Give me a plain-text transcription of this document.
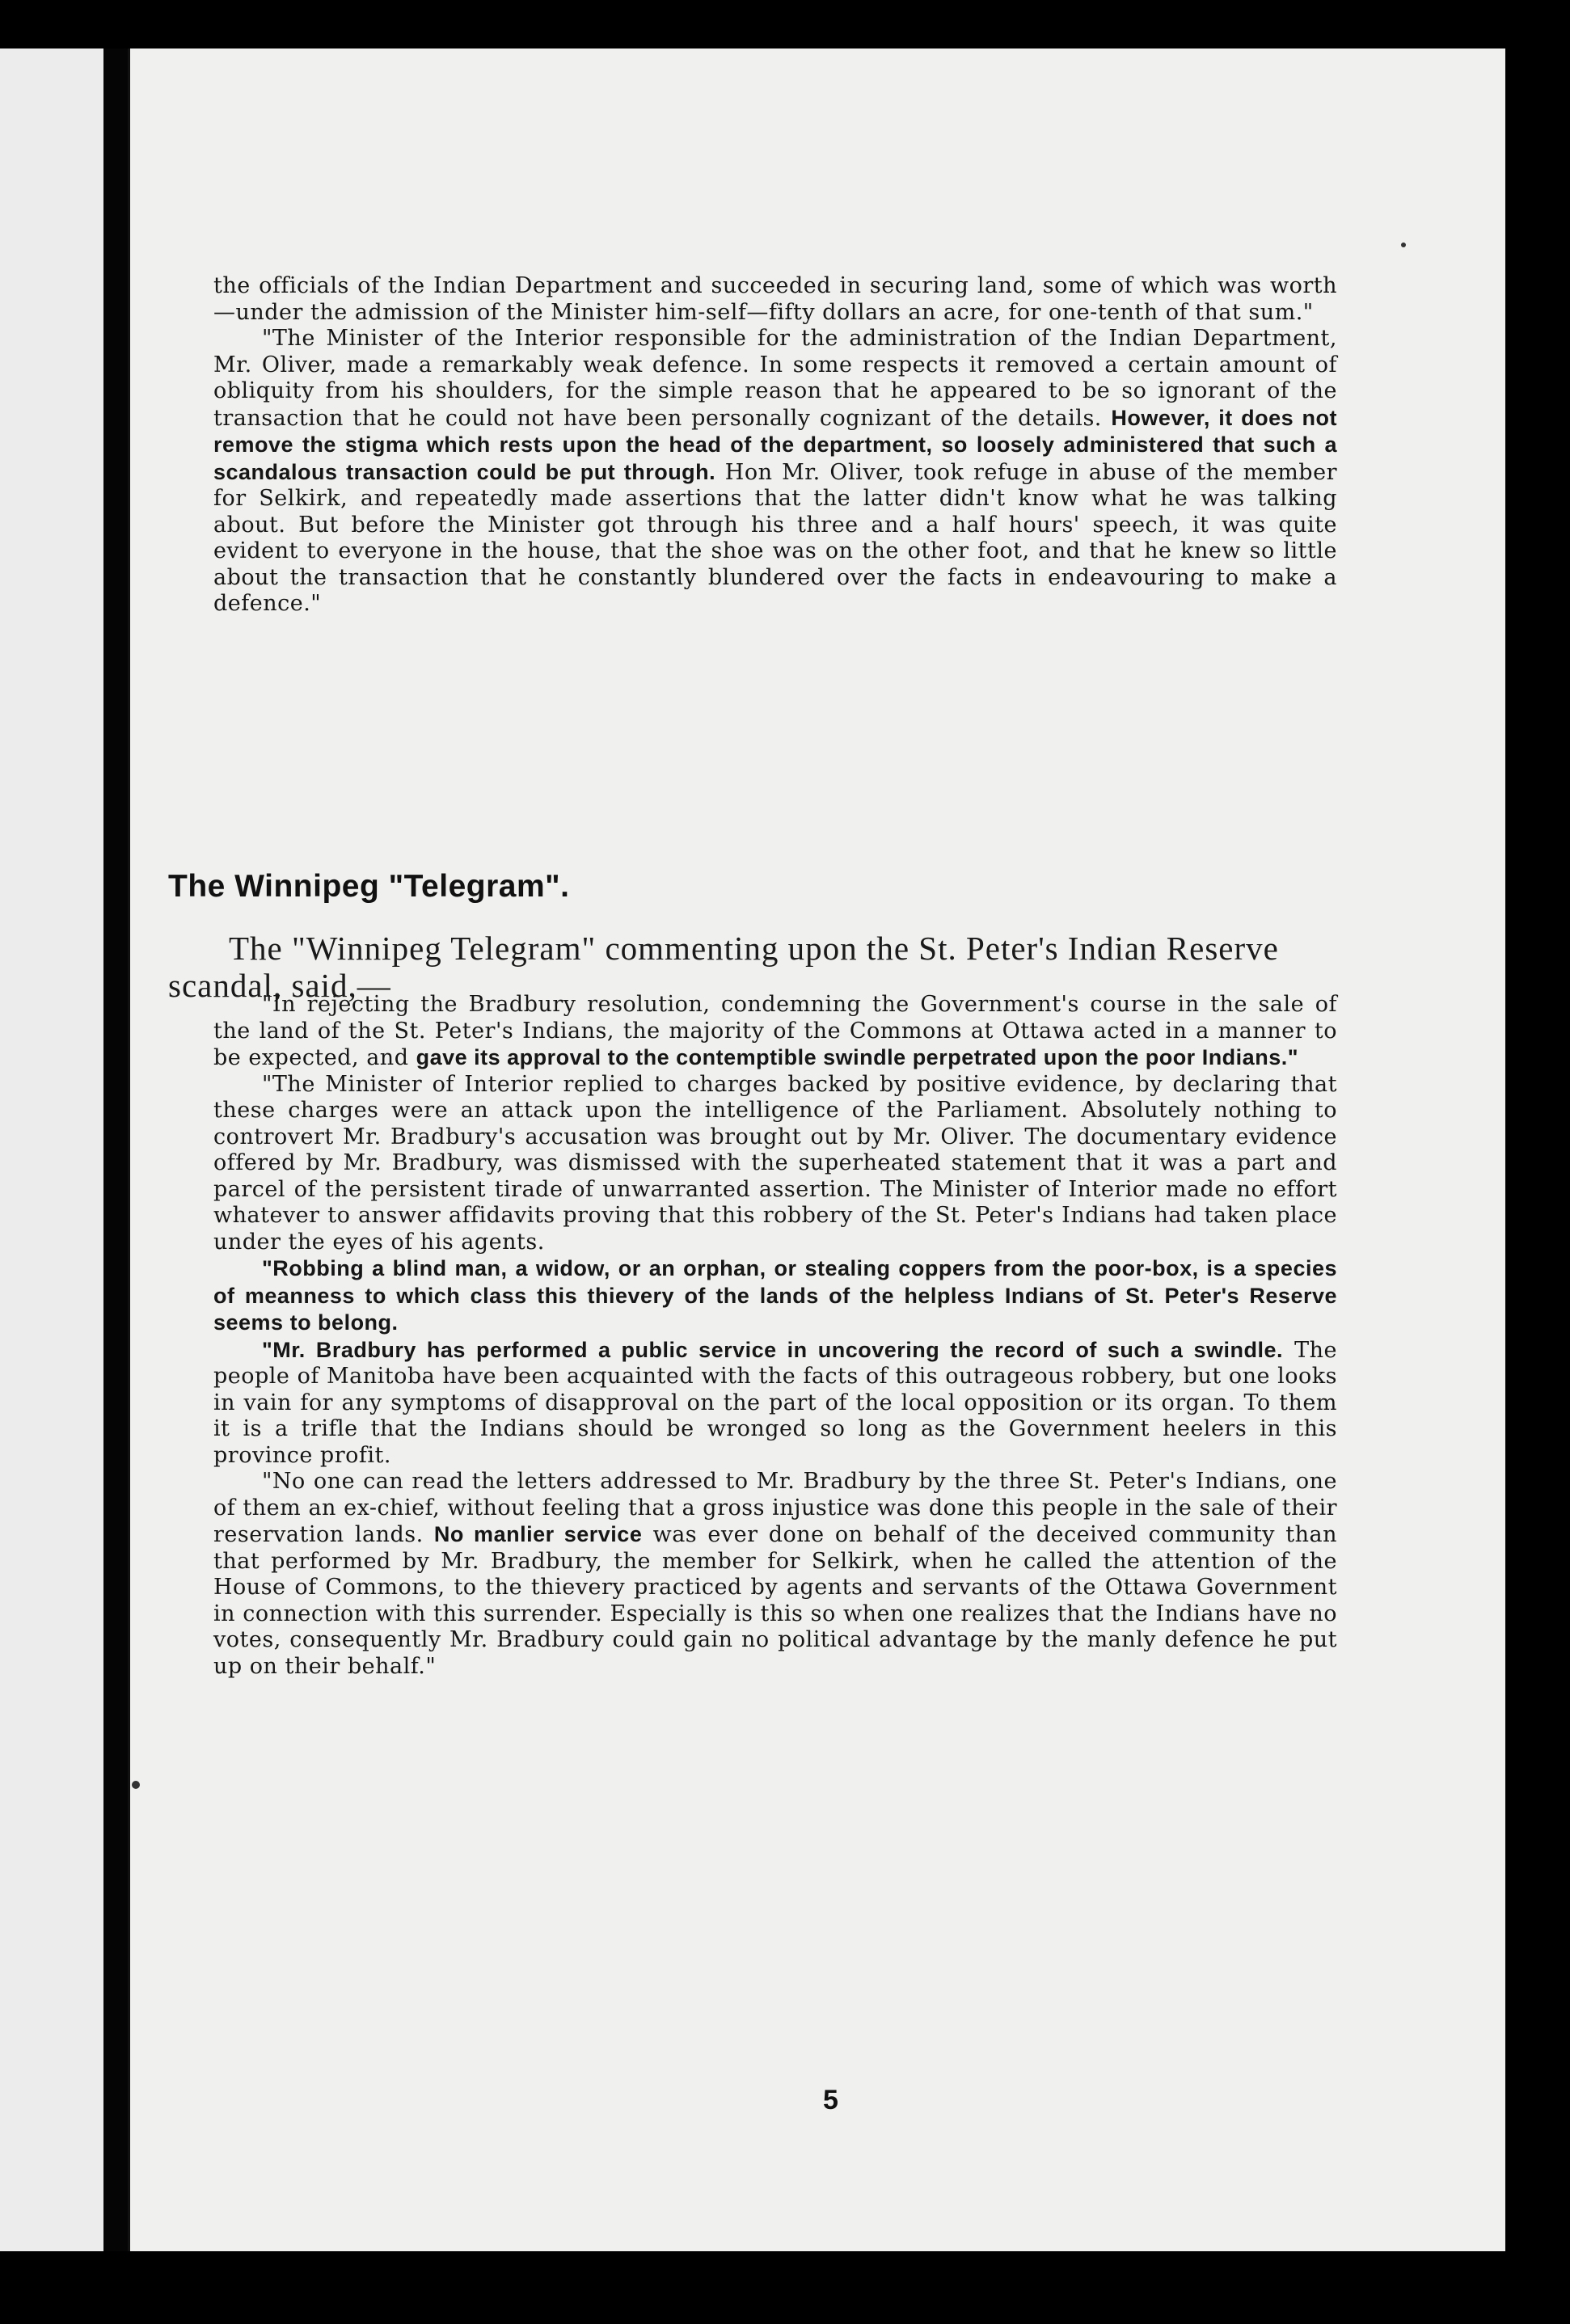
the officials of the Indian Department and succeeded in securing land, some of which was worth—under the admission of the Minister him-self—fifty dollars an acre, for one-tenth of that sum."

"The Minister of the Interior responsible for the administration of the Indian Department, Mr. Oliver, made a remarkably weak defence. In some respects it removed a certain amount of obliquity from his shoulders, for the simple reason that he appeared to be so ignorant of the transaction that he could not have been personally cognizant of the details. However, it does not remove the stigma which rests upon the head of the department, so loosely administered that such a scandalous transaction could be put through. Hon Mr. Oliver, took refuge in abuse of the member for Selkirk, and repeatedly made assertions that the latter didn't know what he was talking about. But before the Minister got through his three and a half hours' speech, it was quite evident to everyone in the house, that the shoe was on the other foot, and that he knew so little about the transaction that he constantly blundered over the facts in endeavouring to make a defence."

The Winnipeg "Telegram".

The "Winnipeg Telegram" commenting upon the St. Peter's Indian Reserve scandal, said,—

"In rejecting the Bradbury resolution, condemning the Government's course in the sale of the land of the St. Peter's Indians, the majority of the Commons at Ottawa acted in a manner to be expected, and gave its approval to the contemptible swindle perpetrated upon the poor Indians."

"The Minister of Interior replied to charges backed by positive evidence, by declaring that these charges were an attack upon the intelligence of the Parliament. Absolutely nothing to controvert Mr. Bradbury's accusation was brought out by Mr. Oliver. The documentary evidence offered by Mr. Bradbury, was dismissed with the superheated statement that it was a part and parcel of the persistent tirade of unwarranted assertion. The Minister of Interior made no effort whatever to answer affidavits proving that this robbery of the St. Peter's Indians had taken place under the eyes of his agents.

"Robbing a blind man, a widow, or an orphan, or stealing coppers from the poor-box, is a species of meanness to which class this thievery of the lands of the helpless Indians of St. Peter's Reserve seems to belong.

"Mr. Bradbury has performed a public service in uncovering the record of such a swindle. The people of Manitoba have been acquainted with the facts of this outrageous robbery, but one looks in vain for any symptoms of disapproval on the part of the local opposition or its organ. To them it is a trifle that the Indians should be wronged so long as the Government heelers in this province profit.

"No one can read the letters addressed to Mr. Bradbury by the three St. Peter's Indians, one of them an ex-chief, without feeling that a gross injustice was done this people in the sale of their reservation lands. No manlier service was ever done on behalf of the deceived community than that performed by Mr. Bradbury, the member for Selkirk, when he called the attention of the House of Commons, to the thievery practiced by agents and servants of the Ottawa Government in connection with this surrender. Especially is this so when one realizes that the Indians have no votes, consequently Mr. Bradbury could gain no political advantage by the manly defence he put up on their behalf."

5
